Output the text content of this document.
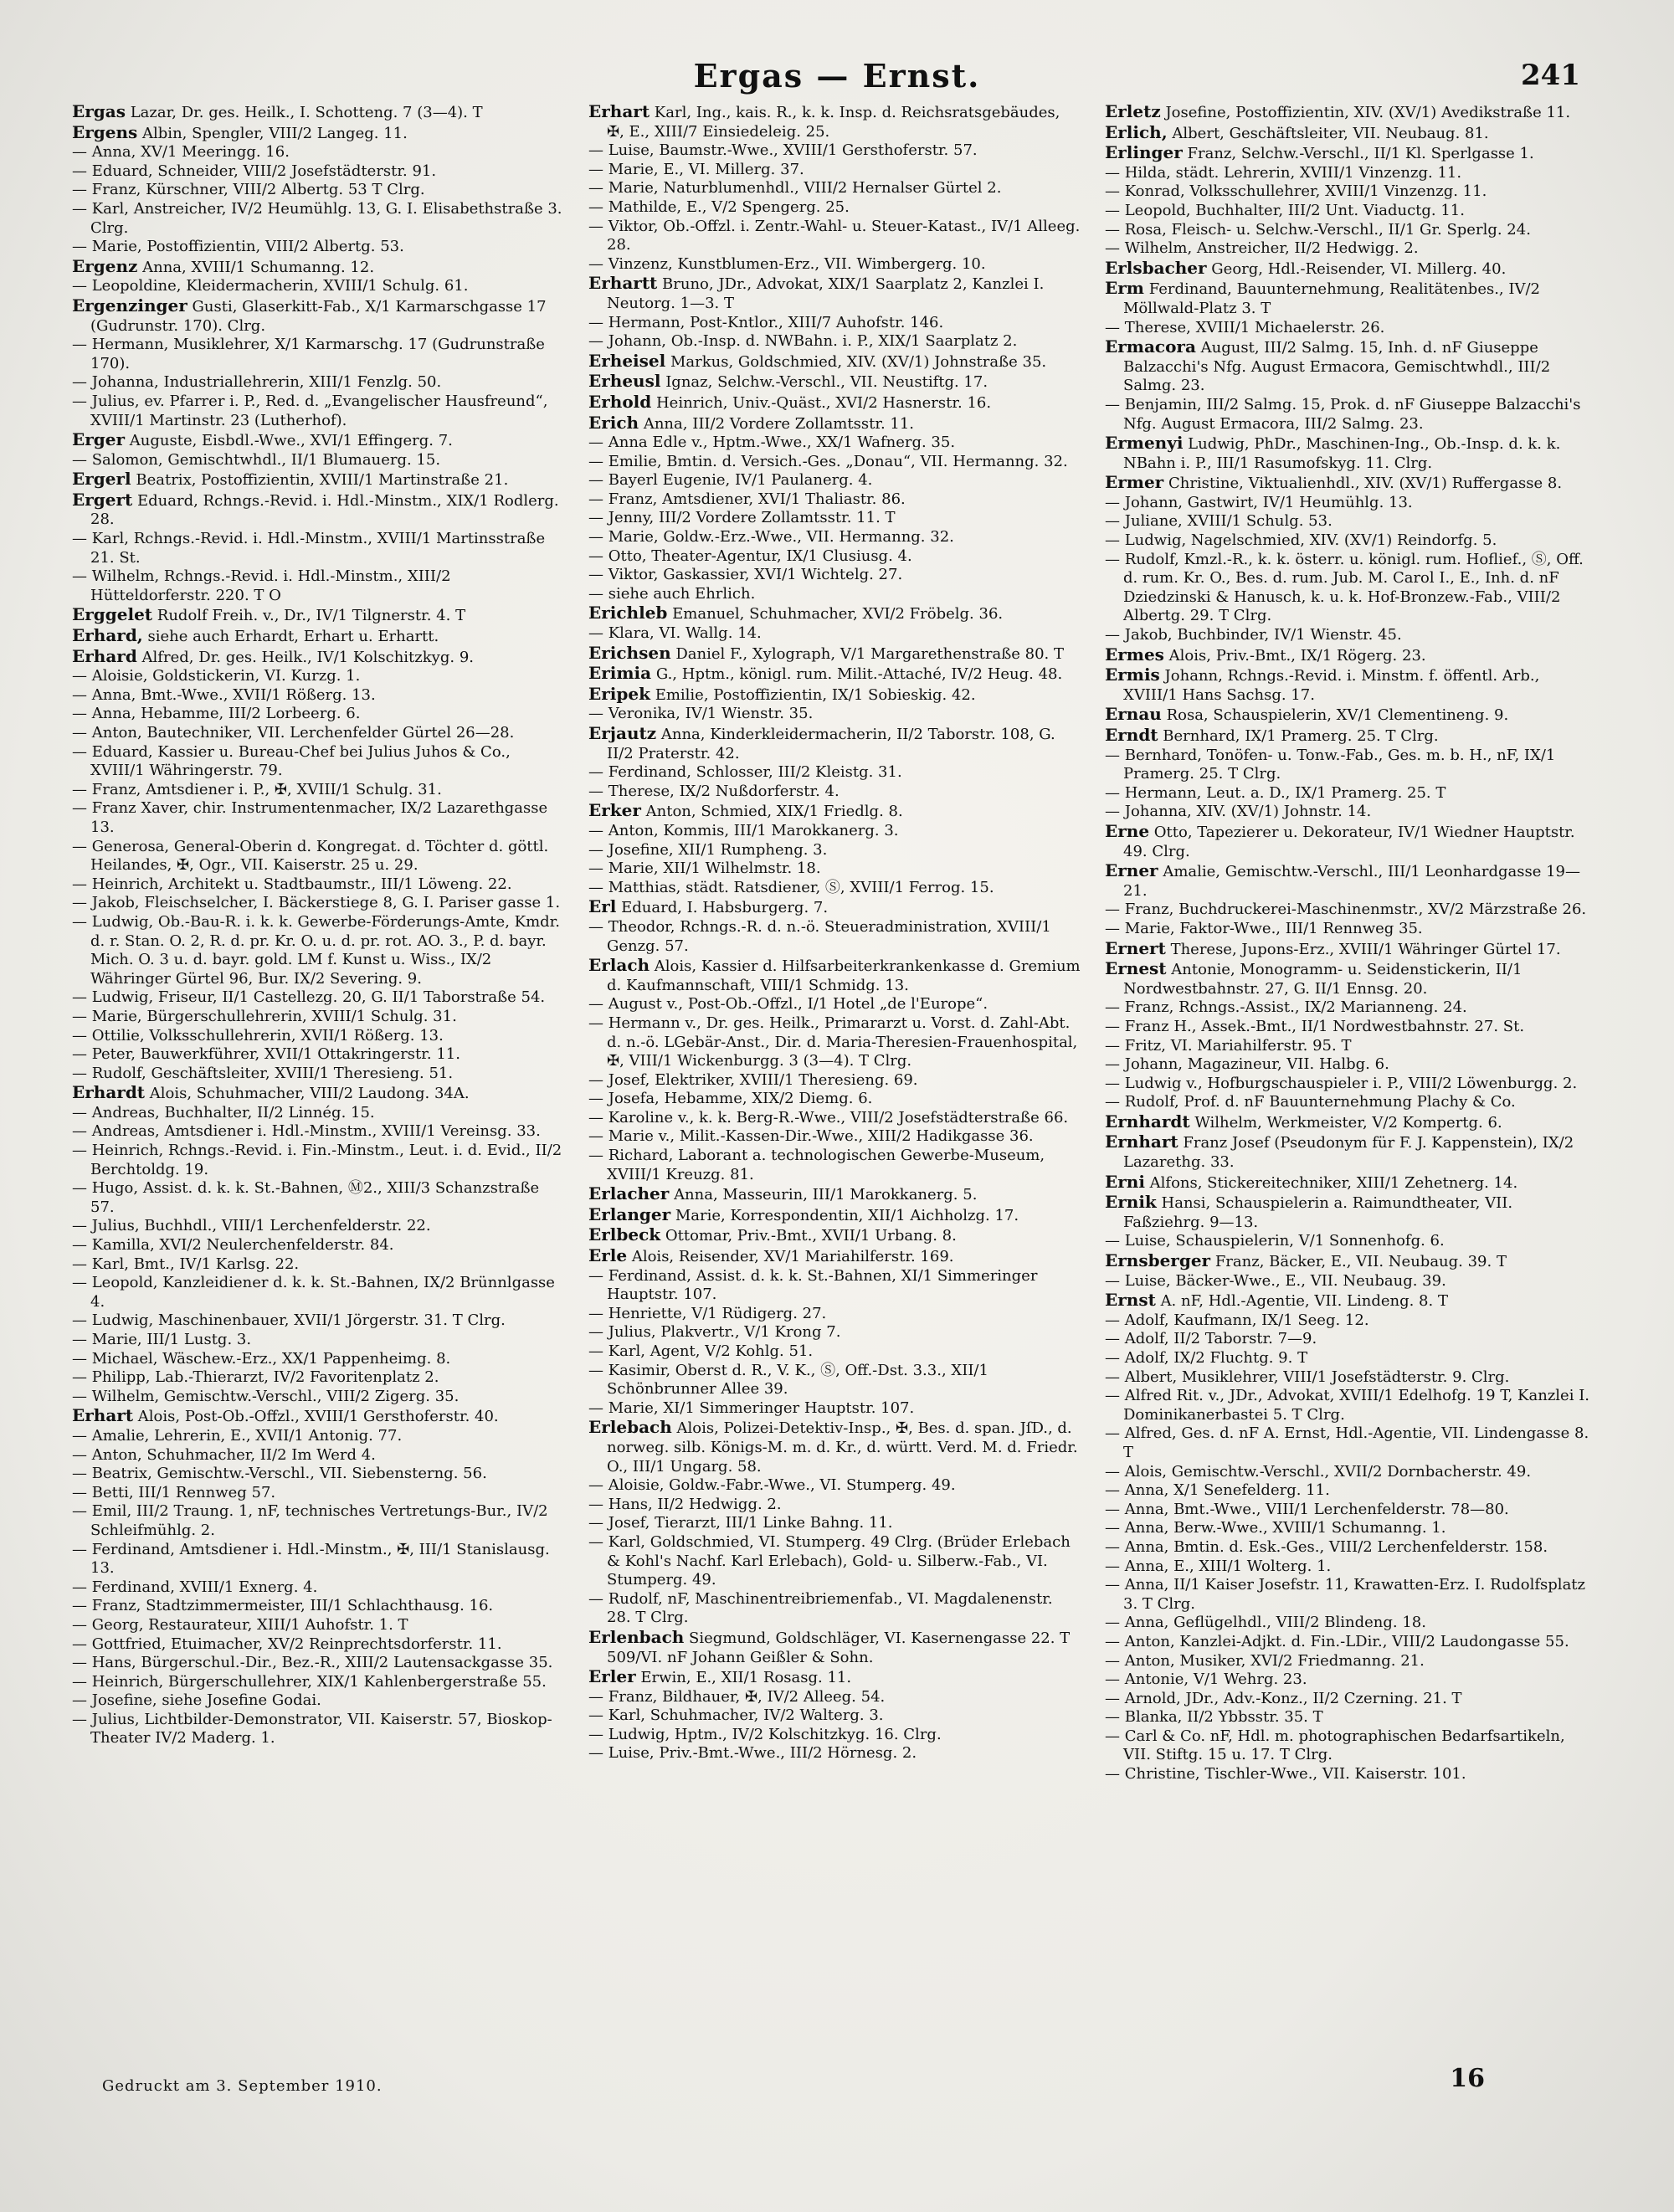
Ergas — Ernst.	241

Ergas Lazar, Dr. ges. Heilk., I. Schotteng. 7 (3—4). T

Ergens Albin, Spengler, VIII/2 Langeg. 11.

— Anna, XV/1 Meeringg. 16.

— Eduard, Schneider, VIII/2 Josefstädterstr. 91.

— Franz, Kürschner, VIII/2 Albertg. 53 T Clrg.

— Karl, Anstreicher, IV/2 Heumühlg. 13, G. I. Elisabethstraße 3. Clrg.

— Marie, Postoffizientin, VIII/2 Albertg. 53.

Ergenz Anna, XVIII/1 Schumanng. 12.

— Leopoldine, Kleidermacherin, XVIII/1 Schulg. 61.

Ergenzinger Gusti, Glaserkitt-Fab., X/1 Karmarschgasse 17 (Gudrunstr. 170). Clrg.

— Hermann, Musiklehrer, X/1 Karmarschg. 17 (Gudrunstraße 170).

— Johanna, Industriallehrerin, XIII/1 Fenzlg. 50.

— Julius, ev. Pfarrer i. P., Red. d. „Evangelischer Hausfreund“, XVIII/1 Martinstr. 23 (Lutherhof).

Erger Auguste, Eisbdl.-Wwe., XVI/1 Effingerg. 7.

— Salomon, Gemischtwhdl., II/1 Blumauerg. 15.

Ergerl Beatrix, Postoffizientin, XVIII/1 Martinstraße 21.

Ergert Eduard, Rchngs.-Revid. i. Hdl.-Minstm., XIX/1 Rodlerg. 28.

— Karl, Rchngs.-Revid. i. Hdl.-Minstm., XVIII/1 Martinsstraße 21. St.

— Wilhelm, Rchngs.-Revid. i. Hdl.-Minstm., XIII/2 Hütteldorferstr. 220. T O

Erggelet Rudolf Freih. v., Dr., IV/1 Tilgnerstr. 4. T

Erhard, siehe auch Erhardt, Erhart u. Erhartt.

Erhard Alfred, Dr. ges. Heilk., IV/1 Kolschitzkyg. 9.

— Aloisie, Goldstickerin, VI. Kurzg. 1.

— Anna, Bmt.-Wwe., XVII/1 Rößerg. 13.

— Anna, Hebamme, III/2 Lorbeerg. 6.

— Anton, Bautechniker, VII. Lerchenfelder Gürtel 26—28.

— Eduard, Kassier u. Bureau-Chef bei Julius Juhos & Co., XVIII/1 Währingerstr. 79.

— Franz, Amtsdiener i. P., ✠, XVIII/1 Schulg. 31.

— Franz Xaver, chir. Instrumentenmacher, IX/2 Lazarethgasse 13.

— Generosa, General-Oberin d. Kongregat. d. Töchter d. göttl. Heilandes, ✠, Ogr., VII. Kaiserstr. 25 u. 29.

— Heinrich, Architekt u. Stadtbaumstr., III/1 Löweng. 22.

— Jakob, Fleischselcher, I. Bäckerstiege 8, G. I. Pariser gasse 1.

— Ludwig, Ob.-Bau-R. i. k. k. Gewerbe-Förderungs-Amte, Kmdr. d. r. Stan. O. 2, R. d. pr. Kr. O. u. d. pr. rot. AO. 3., P. d. bayr. Mich. O. 3 u. d. bayr. gold. LM f. Kunst u. Wiss., IX/2 Währinger Gürtel 96, Bur. IX/2 Severing. 9.

— Ludwig, Friseur, II/1 Castellezg. 20, G. II/1 Taborstraße 54.

— Marie, Bürgerschullehrerin, XVIII/1 Schulg. 31.

— Ottilie, Volksschullehrerin, XVII/1 Rößerg. 13.

— Peter, Bauwerkführer, XVII/1 Ottakringerstr. 11.

— Rudolf, Geschäftsleiter, XVIII/1 Theresieng. 51.

Erhardt Alois, Schuhmacher, VIII/2 Laudong. 34A.

— Andreas, Buchhalter, II/2 Linnég. 15.

— Andreas, Amtsdiener i. Hdl.-Minstm., XVIII/1 Vereinsg. 33.

— Heinrich, Rchngs.-Revid. i. Fin.-Minstm., Leut. i. d. Evid., II/2 Berchtoldg. 19.

— Hugo, Assist. d. k. k. St.-Bahnen, Ⓜ2., XIII/3 Schanzstraße 57.

— Julius, Buchhdl., VIII/1 Lerchenfelderstr. 22.

— Kamilla, XVI/2 Neulerchenfelderstr. 84.

— Karl, Bmt., IV/1 Karlsg. 22.

— Leopold, Kanzleidiener d. k. k. St.-Bahnen, IX/2 Brünnlgasse 4.

— Ludwig, Maschinenbauer, XVII/1 Jörgerstr. 31. T Clrg.

— Marie, III/1 Lustg. 3.

— Michael, Wäschew.-Erz., XX/1 Pappenheimg. 8.

— Philipp, Lab.-Thierarzt, IV/2 Favoritenplatz 2.

— Wilhelm, Gemischtw.-Verschl., VIII/2 Zigerg. 35.

Erhart Alois, Post-Ob.-Offzl., XVIII/1 Gersthoferstr. 40.

— Amalie, Lehrerin, E., XVII/1 Antonig. 77.

— Anton, Schuhmacher, II/2 Im Werd 4.

— Beatrix, Gemischtw.-Verschl., VII. Siebensterng. 56.

— Betti, III/1 Rennweg 57.

— Emil, III/2 Traung. 1, nF, technisches Vertretungs-Bur., IV/2 Schleifmühlg. 2.

— Ferdinand, Amtsdiener i. Hdl.-Minstm., ✠, III/1 Stanislausg. 13.

— Ferdinand, XVIII/1 Exnerg. 4.

— Franz, Stadtzimmermeister, III/1 Schlachthausg. 16.

— Georg, Restaurateur, XIII/1 Auhofstr. 1. T

— Gottfried, Etuimacher, XV/2 Reinprechtsdorferstr. 11.

— Hans, Bürgerschul.-Dir., Bez.-R., XIII/2 Lautensackgasse 35.

— Heinrich, Bürgerschullehrer, XIX/1 Kahlenbergerstraße 55.

— Josefine, siehe Josefine Godai.

— Julius, Lichtbilder-Demonstrator, VII. Kaiserstr. 57, Bioskop-Theater IV/2 Maderg. 1.

Erhart Karl, Ing., kais. R., k. k. Insp. d. Reichsratsgebäudes, ✠, E., XIII/7 Einsiedeleig. 25.

— Luise, Baumstr.-Wwe., XVIII/1 Gersthoferstr. 57.

— Marie, E., VI. Millerg. 37.

— Marie, Naturblumenhdl., VIII/2 Hernalser Gürtel 2.

— Mathilde, E., V/2 Spengerg. 25.

— Viktor, Ob.-Offzl. i. Zentr.-Wahl- u. Steuer-Katast., IV/1 Alleeg. 28.

— Vinzenz, Kunstblumen-Erz., VII. Wimbergerg. 10.

Erhartt Bruno, JDr., Advokat, XIX/1 Saarplatz 2, Kanzlei I. Neutorg. 1—3. T

— Hermann, Post-Kntlor., XIII/7 Auhofstr. 146.

— Johann, Ob.-Insp. d. NWBahn. i. P., XIX/1 Saarplatz 2.

Erheisel Markus, Goldschmied, XIV. (XV/1) Johnstraße 35.

Erheusl Ignaz, Selchw.-Verschl., VII. Neustiftg. 17.

Erhold Heinrich, Univ.-Quäst., XVI/2 Hasnerstr. 16.

Erich Anna, III/2 Vordere Zollamtsstr. 11.

— Anna Edle v., Hptm.-Wwe., XX/1 Wafnerg. 35.

— Emilie, Bmtin. d. Versich.-Ges. „Donau“, VII. Hermanng. 32.

— Bayerl Eugenie, IV/1 Paulanerg. 4.

— Franz, Amtsdiener, XVI/1 Thaliastr. 86.

— Jenny, III/2 Vordere Zollamtsstr. 11. T

— Marie, Goldw.-Erz.-Wwe., VII. Hermanng. 32.

— Otto, Theater-Agentur, IX/1 Clusiusg. 4.

— Viktor, Gaskassier, XVI/1 Wichtelg. 27.

— siehe auch Ehrlich.

Erichleb Emanuel, Schuhmacher, XVI/2 Fröbelg. 36.

— Klara, VI. Wallg. 14.

Erichsen Daniel F., Xylograph, V/1 Margarethenstraße 80. T

Erimia G., Hptm., königl. rum. Milit.-Attaché, IV/2 Heug. 48.

Eripek Emilie, Postoffizientin, IX/1 Sobieskig. 42.

— Veronika, IV/1 Wienstr. 35.

Erjautz Anna, Kinderkleidermacherin, II/2 Taborstr. 108, G. II/2 Praterstr. 42.

— Ferdinand, Schlosser, III/2 Kleistg. 31.

— Therese, IX/2 Nußdorferstr. 4.

Erker Anton, Schmied, XIX/1 Friedlg. 8.

— Anton, Kommis, III/1 Marokkanerg. 3.

— Josefine, XII/1 Rumpheng. 3.

— Marie, XII/1 Wilhelmstr. 18.

— Matthias, städt. Ratsdiener, Ⓢ, XVIII/1 Ferrog. 15.

Erl Eduard, I. Habsburgerg. 7.

— Theodor, Rchngs.-R. d. n.-ö. Steueradministration, XVIII/1 Genzg. 57.

Erlach Alois, Kassier d. Hilfsarbeiterkrankenkasse d. Gremium d. Kaufmannschaft, VIII/1 Schmidg. 13.

— August v., Post-Ob.-Offzl., I/1 Hotel „de l'Europe“.

— Hermann v., Dr. ges. Heilk., Primararzt u. Vorst. d. Zahl-Abt. d. n.-ö. LGebär-Anst., Dir. d. Maria-Theresien-Frauenhospital, ✠, VIII/1 Wickenburgg. 3 (3—4). T Clrg.

— Josef, Elektriker, XVIII/1 Theresieng. 69.

— Josefa, Hebamme, XIX/2 Diemg. 6.

— Karoline v., k. k. Berg-R.-Wwe., VIII/2 Josefstädterstraße 66.

— Marie v., Milit.-Kassen-Dir.-Wwe., XIII/2 Hadikgasse 36.

— Richard, Laborant a. technologischen Gewerbe-Museum, XVIII/1 Kreuzg. 81.

Erlacher Anna, Masseurin, III/1 Marokkanerg. 5.

Erlanger Marie, Korrespondentin, XII/1 Aichholzg. 17.

Erlbeck Ottomar, Priv.-Bmt., XVII/1 Urbang. 8.

Erle Alois, Reisender, XV/1 Mariahilferstr. 169.

— Ferdinand, Assist. d. k. k. St.-Bahnen, XI/1 Simmeringer Hauptstr. 107.

— Henriette, V/1 Rüdigerg. 27.

— Julius, Plakvertr., V/1 Krong 7.

— Karl, Agent, V/2 Kohlg. 51.

— Kasimir, Oberst d. R., V. K., Ⓢ, Off.-Dst. 3.3., XII/1 Schönbrunner Allee 39.

— Marie, XI/1 Simmeringer Hauptstr. 107.

Erlebach Alois, Polizei-Detektiv-Insp., ✠, Bes. d. span. JſD., d. norweg. silb. Königs-M. m. d. Kr., d. württ. Verd. M. d. Friedr. O., III/1 Ungarg. 58.

— Aloisie, Goldw.-Fabr.-Wwe., VI. Stumperg. 49.

— Hans, II/2 Hedwigg. 2.

— Josef, Tierarzt, III/1 Linke Bahng. 11.

— Karl, Goldschmied, VI. Stumperg. 49 Clrg. (Brüder Erlebach & Kohl's Nachf. Karl Erlebach), Gold- u. Silberw.-Fab., VI. Stumperg. 49.

— Rudolf, nF, Maschinentreibriemenfab., VI. Magdalenenstr. 28. T Clrg.

Erlenbach Siegmund, Goldschläger, VI. Kasernengasse 22. T 509/VI. nF Johann Geißler & Sohn.

Erler Erwin, E., XII/1 Rosasg. 11.

— Franz, Bildhauer, ✠, IV/2 Alleeg. 54.

— Karl, Schuhmacher, IV/2 Walterg. 3.

— Ludwig, Hptm., IV/2 Kolschitzkyg. 16. Clrg.

— Luise, Priv.-Bmt.-Wwe., III/2 Hörnesg. 2.

Erletz Josefine, Postoffizientin, XIV. (XV/1) Avedikstraße 11.

Erlich, Albert, Geschäftsleiter, VII. Neubaug. 81.

Erlinger Franz, Selchw.-Verschl., II/1 Kl. Sperlgasse 1.

— Hilda, städt. Lehrerin, XVIII/1 Vinzenzg. 11.

— Konrad, Volksschullehrer, XVIII/1 Vinzenzg. 11.

— Leopold, Buchhalter, III/2 Unt. Viaductg. 11.

— Rosa, Fleisch- u. Selchw.-Verschl., II/1 Gr. Sperlg. 24.

— Wilhelm, Anstreicher, II/2 Hedwigg. 2.

Erlsbacher Georg, Hdl.-Reisender, VI. Millerg. 40.

Erm Ferdinand, Bauunternehmung, Realitätenbes., IV/2 Möllwald-Platz 3. T

— Therese, XVIII/1 Michaelerstr. 26.

Ermacora August, III/2 Salmg. 15, Inh. d. nF Giuseppe Balzacchi's Nfg. August Ermacora, Gemischtwhdl., III/2 Salmg. 23.

— Benjamin, III/2 Salmg. 15, Prok. d. nF Giuseppe Balzacchi's Nfg. August Ermacora, III/2 Salmg. 23.

Ermenyi Ludwig, PhDr., Maschinen-Ing., Ob.-Insp. d. k. k. NBahn i. P., III/1 Rasumofskyg. 11. Clrg.

Ermer Christine, Viktualienhdl., XIV. (XV/1) Ruffergasse 8.

— Johann, Gastwirt, IV/1 Heumühlg. 13.

— Juliane, XVIII/1 Schulg. 53.

— Ludwig, Nagelschmied, XIV. (XV/1) Reindorfg. 5.

— Rudolf, Kmzl.-R., k. k. österr. u. königl. rum. Hoflief., Ⓢ, Off. d. rum. Kr. O., Bes. d. rum. Jub. M. Carol I., E., Inh. d. nF Dziedzinski & Hanusch, k. u. k. Hof-Bronzew.-Fab., VIII/2 Albertg. 29. T Clrg.

— Jakob, Buchbinder, IV/1 Wienstr. 45.

Ermes Alois, Priv.-Bmt., IX/1 Rögerg. 23.

Ermis Johann, Rchngs.-Revid. i. Minstm. f. öffentl. Arb., XVIII/1 Hans Sachsg. 17.

Ernau Rosa, Schauspielerin, XV/1 Clementineng. 9.

Erndt Bernhard, IX/1 Pramerg. 25. T Clrg.

— Bernhard, Tonöfen- u. Tonw.-Fab., Ges. m. b. H., nF, IX/1 Pramerg. 25. T Clrg.

— Hermann, Leut. a. D., IX/1 Pramerg. 25. T

— Johanna, XIV. (XV/1) Johnstr. 14.

Erne Otto, Tapezierer u. Dekorateur, IV/1 Wiedner Hauptstr. 49. Clrg.

Erner Amalie, Gemischtw.-Verschl., III/1 Leonhardgasse 19—21.

— Franz, Buchdruckerei-Maschinenmstr., XV/2 Märzstraße 26.

— Marie, Faktor-Wwe., III/1 Rennweg 35.

Ernert Therese, Jupons-Erz., XVIII/1 Währinger Gürtel 17.

Ernest Antonie, Monogramm- u. Seidenstickerin, II/1 Nordwestbahnstr. 27, G. II/1 Ennsg. 20.

— Franz, Rchngs.-Assist., IX/2 Marianneng. 24.

— Franz H., Assek.-Bmt., II/1 Nordwestbahnstr. 27. St.

— Fritz, VI. Mariahilferstr. 95. T

— Johann, Magazineur, VII. Halbg. 6.

— Ludwig v., Hofburgschauspieler i. P., VIII/2 Löwenburgg. 2.

— Rudolf, Prof. d. nF Bauunternehmung Plachy & Co.

Ernhardt Wilhelm, Werkmeister, V/2 Kompertg. 6.

Ernhart Franz Josef (Pseudonym für F. J. Kappenstein), IX/2 Lazarethg. 33.

Erni Alfons, Stickereitechniker, XIII/1 Zehetnerg. 14.

Ernik Hansi, Schauspielerin a. Raimundtheater, VII. Faßziehrg. 9—13.

— Luise, Schauspielerin, V/1 Sonnenhofg. 6.

Ernsberger Franz, Bäcker, E., VII. Neubaug. 39. T

— Luise, Bäcker-Wwe., E., VII. Neubaug. 39.

Ernst A. nF, Hdl.-Agentie, VII. Lindeng. 8. T

— Adolf, Kaufmann, IX/1 Seeg. 12.

— Adolf, II/2 Taborstr. 7—9.

— Adolf, IX/2 Fluchtg. 9. T

— Albert, Musiklehrer, VIII/1 Josefstädterstr. 9. Clrg.

— Alfred Rit. v., JDr., Advokat, XVIII/1 Edelhofg. 19 T, Kanzlei I. Dominikanerbastei 5. T Clrg.

— Alfred, Ges. d. nF A. Ernst, Hdl.-Agentie, VII. Lindengasse 8. T

— Alois, Gemischtw.-Verschl., XVII/2 Dornbacherstr. 49.

— Anna, X/1 Senefelderg. 11.

— Anna, Bmt.-Wwe., VIII/1 Lerchenfelderstr. 78—80.

— Anna, Berw.-Wwe., XVIII/1 Schumanng. 1.

— Anna, Bmtin. d. Esk.-Ges., VIII/2 Lerchenfelderstr. 158.

— Anna, E., XIII/1 Wolterg. 1.

— Anna, II/1 Kaiser Josefstr. 11, Krawatten-Erz. I. Rudolfsplatz 3. T Clrg.

— Anna, Geflügelhdl., VIII/2 Blindeng. 18.

— Anton, Kanzlei-Adjkt. d. Fin.-LDir., VIII/2 Laudongasse 55.

— Anton, Musiker, XVI/2 Friedmanng. 21.

— Antonie, V/1 Wehrg. 23.

— Arnold, JDr., Adv.-Konz., II/2 Czerning. 21. T

— Blanka, II/2 Ybbsstr. 35. T

— Carl & Co. nF, Hdl. m. photographischen Bedarfsartikeln, VII. Stiftg. 15 u. 17. T Clrg.

— Christine, Tischler-Wwe., VII. Kaiserstr. 101.

Gedruckt am 3. September 1910.	16
